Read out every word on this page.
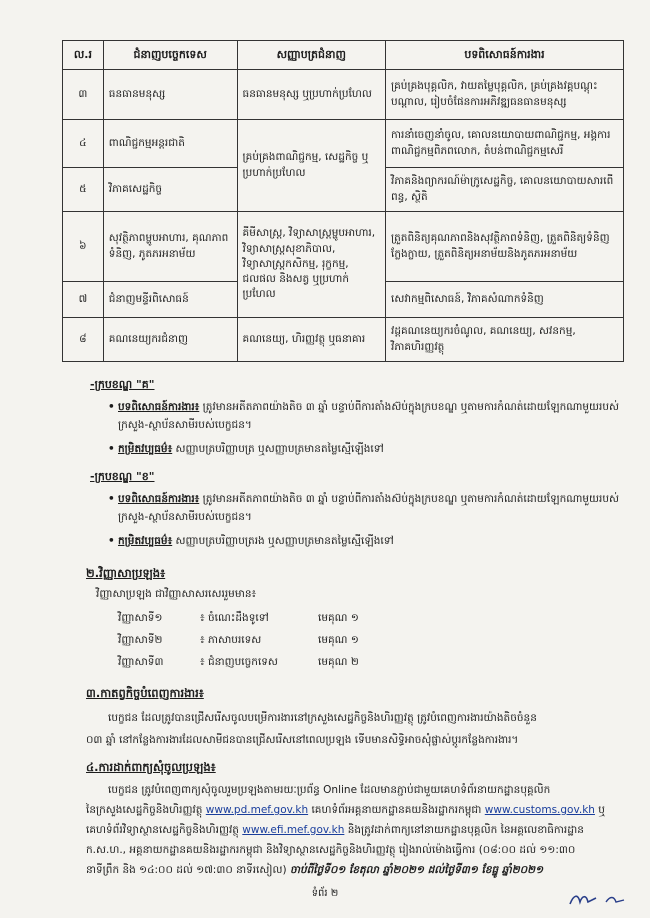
ល.រ	ជំនាញបច្ចេកទេស	សញ្ញាបត្រជំនាញ	បទពិសោធន៍ការងារ
៣	ធនធានមនុស្ស	ធនធានមនុស្ស ឬប្រហាក់ប្រហែល	គ្រប់គ្រងបុគ្គលិក, វាយតម្លៃបុគ្គលិក, គ្រប់គ្រងវគ្គបណ្តុះបណ្តាល, រៀបចំផែនការអភិវឌ្ឍធនធានមនុស្ស
៤	ពាណិជ្ជកម្មអន្តរជាតិ	គ្រប់គ្រងពាណិជ្ជកម្ម, សេដ្ឋកិច្ច ឬប្រហាក់ប្រហែល	ការនាំចេញនាំចូល, គោលនយោបាយពាណិជ្ជកម្ម, អង្គការពាណិជ្ជកម្មពិភពលោក, តំបន់ពាណិជ្ជកម្មសេរី
៥	វិភាគសេដ្ឋកិច្ច		វិភាគនិងព្យាករណ៍ម៉ាក្រូសេដ្ឋកិច្ច, គោលនយោបាយសារពើពន្ធ, ស្ថិតិ
៦	សុវត្ថិភាពម្ហូបអាហារ, គុណភាពទំនិញ, ភូតភរអនាម័យ	គីមីសាស្ត្រ, វិទ្យាសាស្ត្រម្ហូបអាហារ, វិទ្យាសាស្ត្រសុខាភិបាល, វិទ្យាសាស្ត្រកសិកម្ម, រុក្ខកម្ម, ជលផល និងសត្វ ឬប្រហាក់ប្រហែល	ត្រួតពិនិត្យគុណភាពនិងសុវត្ថិភាពទំនិញ, ត្រួតពិនិត្យទំនិញក្លែងក្លាយ, ត្រួតពិនិត្យអនាម័យនិងភូតភរអនាម័យ
៧	ជំនាញមន្ទីរពិសោធន៍		សេវាកម្មពិសោធន៍, វិភាគសំណាកទំនិញ
៨	គណនេយ្យករជំនាញ	គណនេយ្យ, ហិរញ្ញវត្ថុ ឬធនាគារ	វដ្តគណនេយ្យករចំណូល, គណនេយ្យ, សវនកម្ម, វិភាគហិរញ្ញវត្ថុ
-ក្របខណ្ឌ "គ"
• បទពិសោធន៍ការងារ៖ ត្រូវមានអតីតភាពយ៉ាងតិច ៣ ឆ្នាំ បន្ទាប់ពីការតាំងស៊ប់ក្នុងក្របខណ្ឌ ឬតាមការកំណត់ដោយឡែកណាមួយរបស់ក្រសួង-ស្ថាប័នសាមីរបស់បេក្ខជន។
• កម្រិតវប្បធម៌៖ សញ្ញាបត្របរិញ្ញាបត្រ ឬសញ្ញាបត្រមានតម្លៃស្មើឡើងទៅ
-ក្របខណ្ឌ "ខ"
• បទពិសោធន៍ការងារ៖ ត្រូវមានអតីតភាពយ៉ាងតិច ៣ ឆ្នាំ បន្ទាប់ពីការតាំងស៊ប់ក្នុងក្របខណ្ឌ ឬតាមការកំណត់ដោយឡែកណាមួយរបស់ក្រសួង-ស្ថាប័នសាមីរបស់បេក្ខជន។
• កម្រិតវប្បធម៌៖ សញ្ញាបត្របរិញ្ញាបត្ររង ឬសញ្ញាបត្រមានតម្លៃស្មើឡើងទៅ
២.វិញ្ញាសាប្រឡង៖
វិញ្ញាសាប្រឡង ជាវិញ្ញាសាសរសេររួមមាន៖
វិញ្ញាសាទី១	៖ ចំណេះដឹងទូទៅ	មេគុណ ១
វិញ្ញាសាទី២	៖ ភាសាបរទេស	មេគុណ ១
វិញ្ញាសាទី៣	៖ ជំនាញបច្ចេកទេស	មេគុណ ២
៣.កាតព្វកិច្ចបំពេញការងារ៖
បេក្ខជន ដែលត្រូវបានជ្រើសរើសចូលបម្រើការងារនៅក្រសួងសេដ្ឋកិច្ចនិងហិរញ្ញវត្ថុ ត្រូវបំពេញការងារយ៉ាងតិចចំនួន
០៣ ឆ្នាំ នៅកន្លែងការងារដែលសាមីជនបានជ្រើសរើសនៅពេលប្រឡង ទើបមានសិទ្ធិអាចសុំផ្លាស់ប្តូរកន្លែងការងារ។
៤.ការដាក់ពាក្យសុំចូលប្រឡង៖
បេក្ខជន ត្រូវបំពេញពាក្យសុំចូលរួមប្រឡងតាមរយៈប្រព័ន្ធ Online ដែលមានភ្ជាប់ជាមួយគេហទំព័រនាយកដ្ឋានបុគ្គលិក
នៃក្រសួងសេដ្ឋកិច្ចនិងហិរញ្ញវត្ថុ www.pd.mef.gov.kh គេហទំព័រអគ្គនាយកដ្ឋានគយនិងរដ្ឋាករកម្ពុជា www.customs.gov.kh ឬ
គេហទំព័រវិទ្យាស្ថានសេដ្ឋកិច្ចនិងហិរញ្ញវត្ថុ www.efi.mef.gov.kh និងត្រូវដាក់ពាក្យនៅនាយកដ្ឋានបុគ្គលិក នៃអគ្គលេខាធិការដ្ឋាន
ក.ស.ហ., អគ្គនាយកដ្ឋានគយនិងរដ្ឋាករកម្ពុជា និងវិទ្យាស្ថានសេដ្ឋកិច្ចនិងហិរញ្ញវត្ថុ រៀងរាល់ម៉ោងធ្វើការ (០៨:០០ ដល់ ១១:៣០
នាទីព្រឹក និង ១៤:០០ ដល់ ១៧:៣០ នាទីរសៀល) ចាប់ពីថ្ងៃទី០១ ខែតុលា ឆ្នាំ២០២១ ដល់ថ្ងៃទី៣១ ខែធ្នូ ឆ្នាំ២០២១
ទំព័រ ២
